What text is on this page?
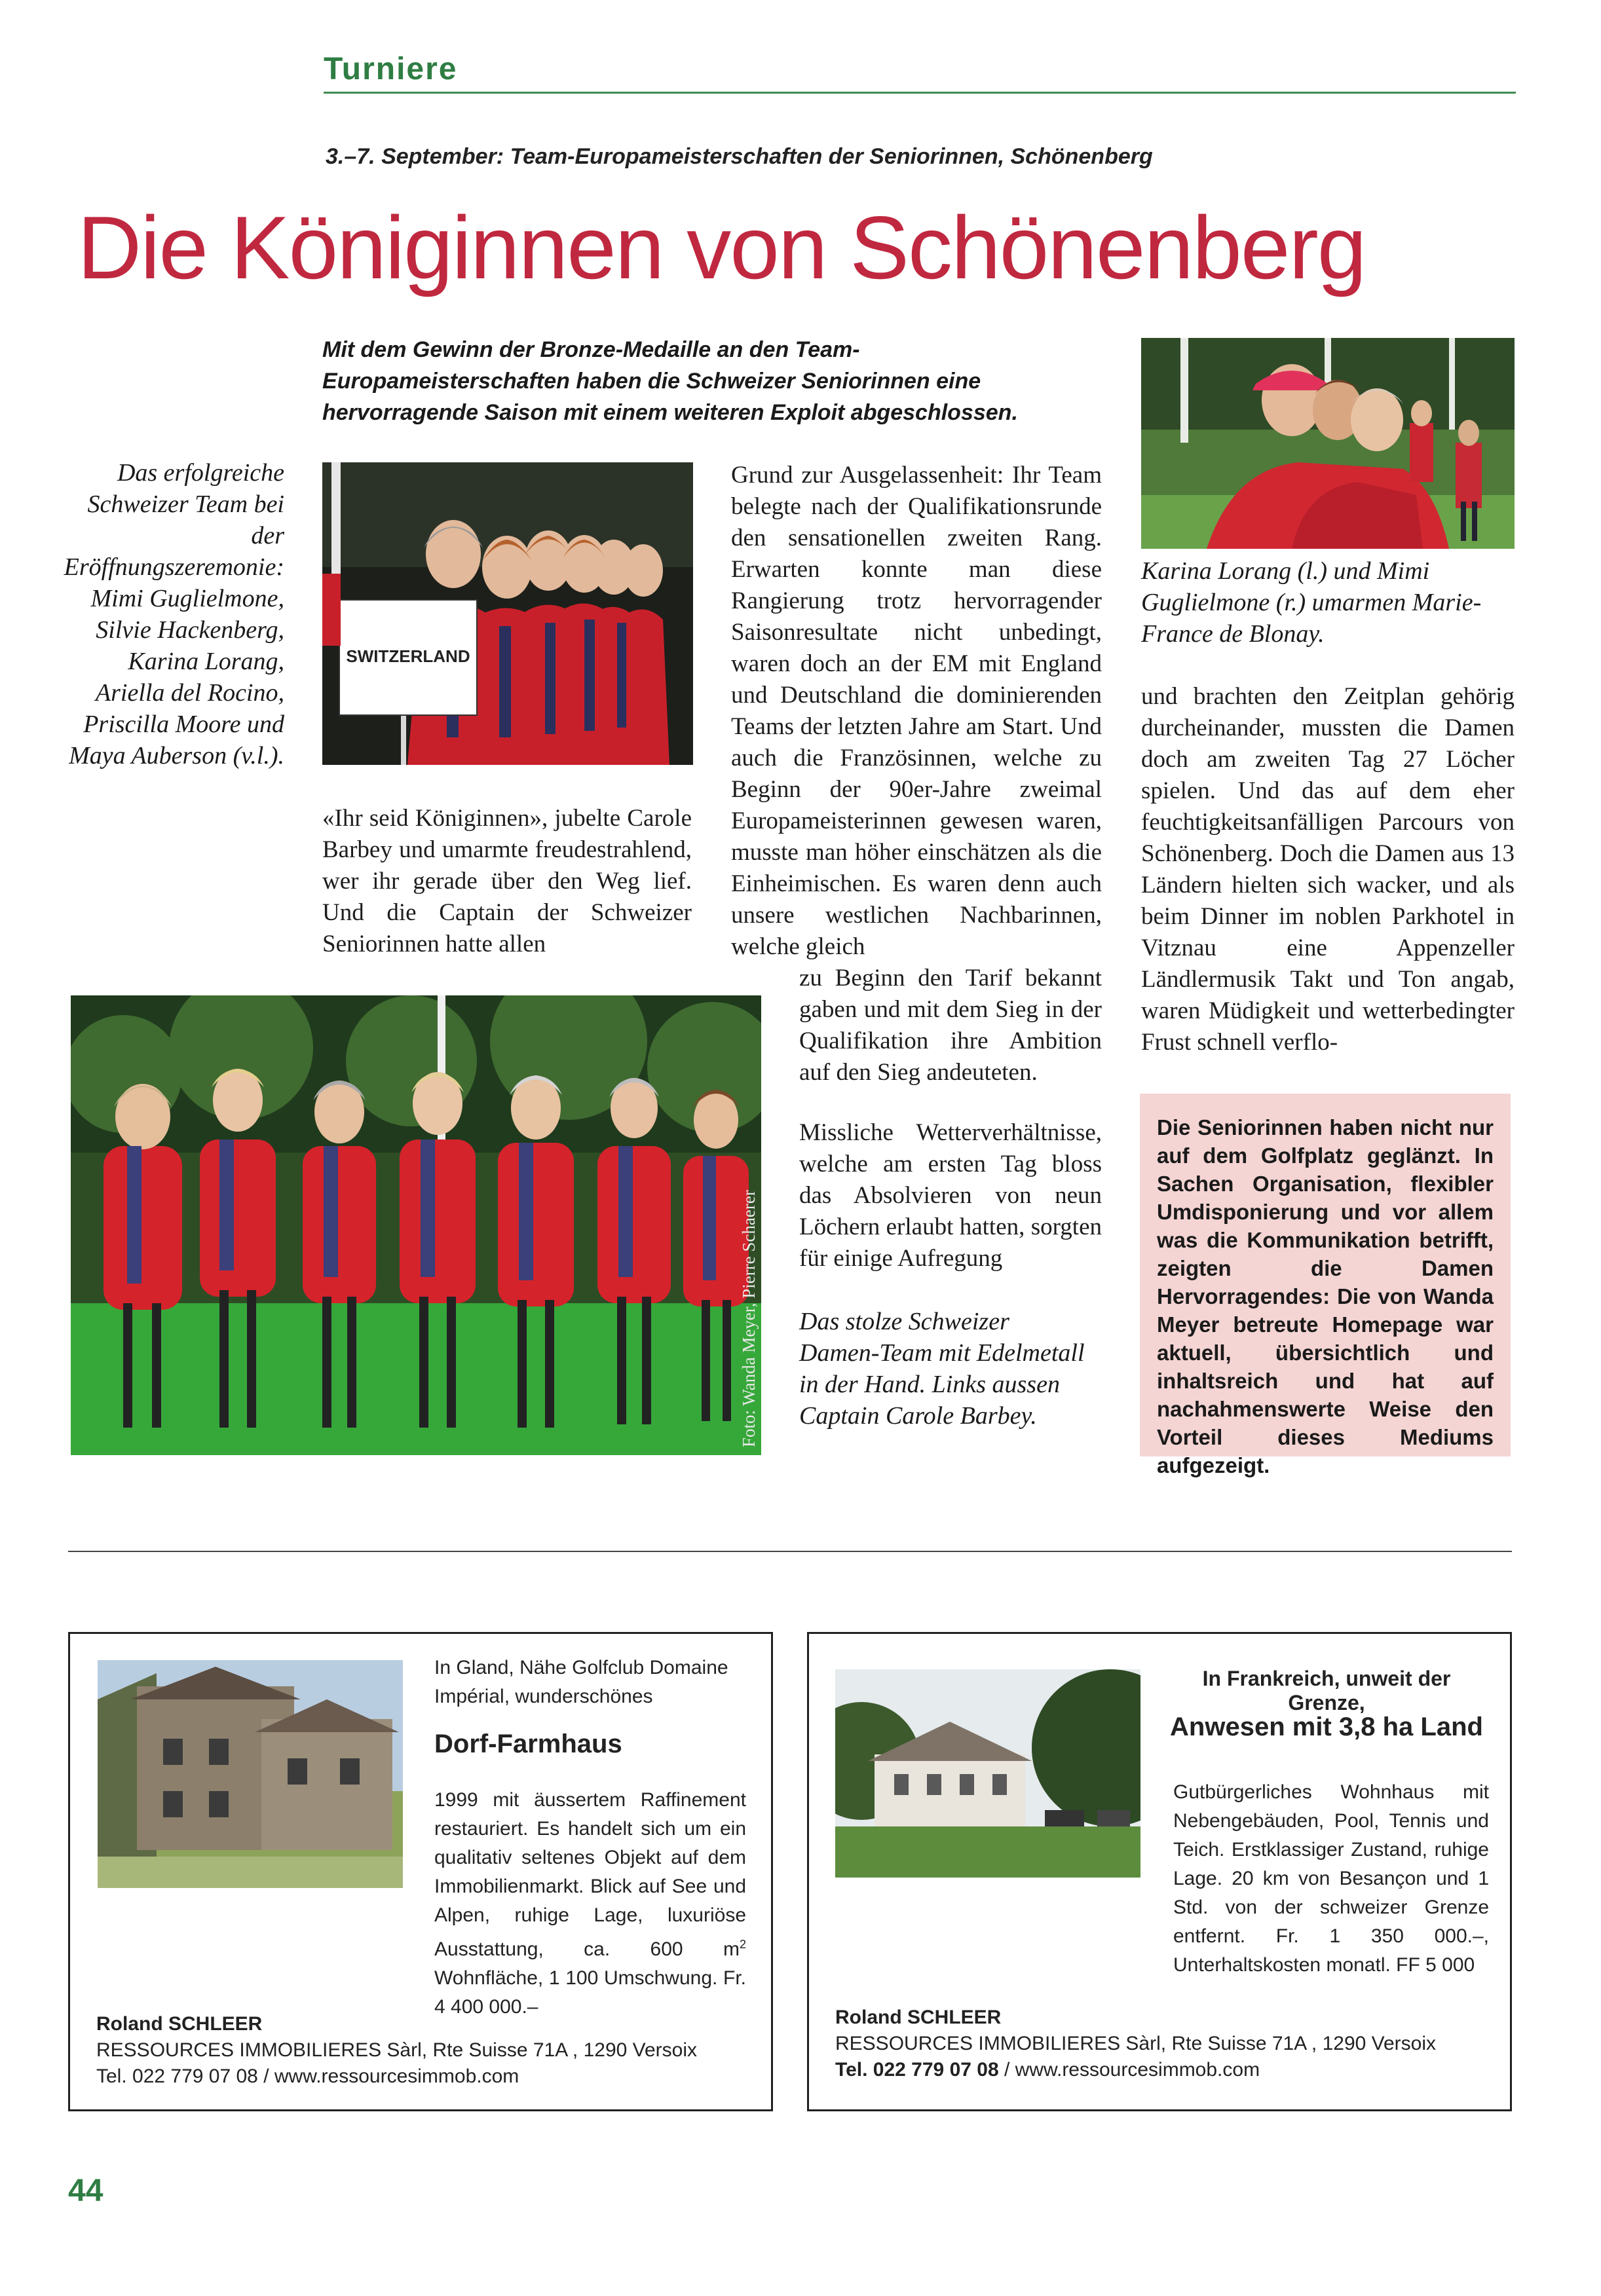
Turniere
3.–7. September: Team-Europameisterschaften der Seniorinnen, Schönenberg
Die Königinnen von Schönenberg
Mit dem Gewinn der Bronze-Medaille an den Team-Europameisterschaften haben die Schweizer Seniorinnen eine hervorragende Saison mit einem weiteren Exploit abgeschlossen.
SWITZERLAND
Foto: Wanda Meyer, Pierre Schaerer
Das erfolgreiche Schweizer Team bei der Eröffnungszeremonie: Mimi Guglielmone, Silvie Hackenberg, Karina Lorang, Ariella del Rocino, Priscilla Moore und Maya Auberson (v.l.).
Karina Lorang (l.) und Mimi Guglielmone (r.) umarmen Marie-France de Blonay.
Das stolze Schweizer Damen-Team mit Edelmetall in der Hand. Links aussen Captain Carole Barbey.
«Ihr seid Königinnen», jubelte Carole Barbey und umarmte freudestrahlend, wer ihr gerade über den Weg lief. Und die Captain der Schweizer Seniorinnen hatte allen
Grund zur Ausgelassenheit: Ihr Team belegte nach der Qualifikationsrunde den sensationellen zweiten Rang. Erwarten konnte man diese Rangierung trotz hervorragender Saisonresultate nicht unbedingt, waren doch an der EM mit England und Deutschland die dominierenden Teams der letzten Jahre am Start. Und auch die Französinnen, welche zu Beginn der 90er-Jahre zweimal Europameisterinnen gewesen waren, musste man höher einschätzen als die Einheimischen. Es waren denn auch unsere westlichen Nachbarinnen, welche gleich
zu Beginn den Tarif bekannt gaben und mit dem Sieg in der Qualifikation ihre Ambition auf den Sieg andeuteten.
Missliche Wetterverhältnisse, welche am ersten Tag bloss das Absolvieren von neun Löchern erlaubt hatten, sorgten für einige Aufregung
und brachten den Zeitplan gehörig durcheinander, mussten die Damen doch am zweiten Tag 27 Löcher spielen. Und das auf dem eher feuchtigkeitsanfälligen Parcours von Schönenberg. Doch die Damen aus 13 Ländern hielten sich wacker, und als beim Dinner im noblen Parkhotel in Vitznau eine Appenzeller Ländlermusik Takt und Ton angab, waren Müdigkeit und wetterbedingter Frust schnell verflo-
Die Seniorinnen haben nicht nur auf dem Golfplatz geglänzt. In Sachen Organisation, flexibler Umdisponierung und vor allem was die Kommunikation betrifft, zeigten die Damen Hervorragendes: Die von Wanda Meyer betreute Homepage war aktuell, übersichtlich und inhaltsreich und hat auf nachahmenswerte Weise den Vorteil dieses Mediums aufgezeigt.
In Gland, Nähe Golfclub Domaine Impérial, wunderschönes
Dorf-Farmhaus
1999 mit äussertem Raffinement restauriert. Es handelt sich um ein qualitativ seltenes Objekt auf dem Immobilienmarkt. Blick auf See und Alpen, ruhige Lage, luxuriöse Ausstattung, ca. 600 $m^2$ Wohnfläche, 1 100 Umschwung. Fr. 4 400 000.–
Roland SCHLEER
RESSOURCES IMMOBILIERES Sàrl, Rte Suisse 71A , 1290 Versoix
Tel. 022 779 07 08 / www.ressourcesimmob.com
In Frankreich, unweit der Grenze,
Anwesen mit 3,8 ha Land
Gutbürgerliches Wohnhaus mit Nebengebäuden, Pool, Tennis und Teich. Erstklassiger Zustand, ruhige Lage. 20 km von Besançon und 1 Std. von der schweizer Grenze entfernt. Fr. 1 350 000.–, Unterhaltskosten monatl. FF 5 000
Roland SCHLEER
RESSOURCES IMMOBILIERES Sàrl, Rte Suisse 71A , 1290 Versoix
Tel. 022 779 07 08 / www.ressourcesimmob.com
44
